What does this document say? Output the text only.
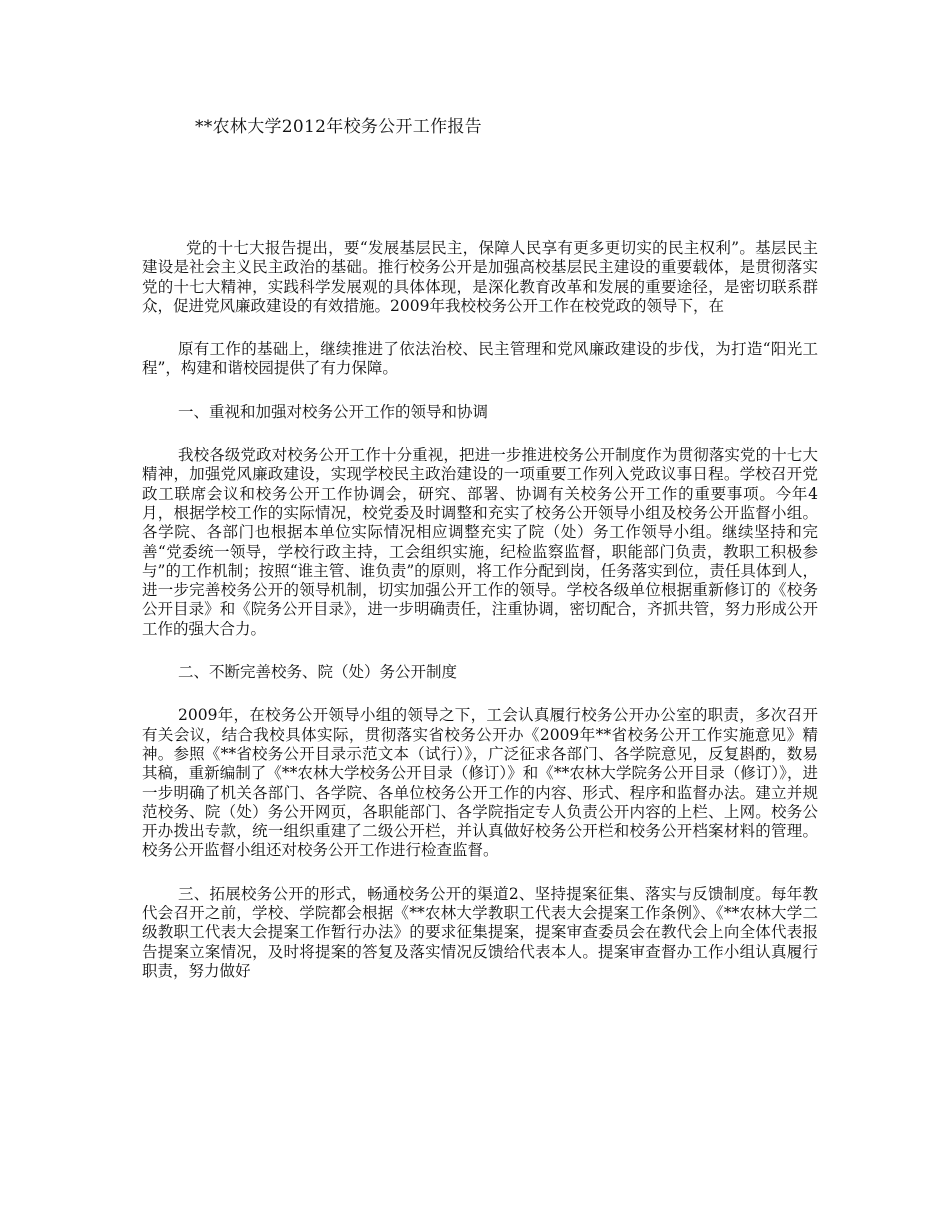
**农林大学2012年校务公开工作报告

党的十七大报告提出，要“发展基层民主，保障人民享有更多更切实的民主权利”。基层民主建设是社会主义民主政治的基础。推行校务公开是加强高校基层民主建设的重要载体，是贯彻落实党的十七大精神，实践科学发展观的具体体现，是深化教育改革和发展的重要途径，是密切联系群众，促进党风廉政建设的有效措施。2009年我校校务公开工作在校党政的领导下，在

原有工作的基础上，继续推进了依法治校、民主管理和党风廉政建设的步伐，为打造“阳光工程”，构建和谐校园提供了有力保障。

一、重视和加强对校务公开工作的领导和协调

我校各级党政对校务公开工作十分重视，把进一步推进校务公开制度作为贯彻落实党的十七大精神，加强党风廉政建设，实现学校民主政治建设的一项重要工作列入党政议事日程。学校召开党政工联席会议和校务公开工作协调会，研究、部署、协调有关校务公开工作的重要事项。今年4月，根据学校工作的实际情况，校党委及时调整和充实了校务公开领导小组及校务公开监督小组。各学院、各部门也根据本单位实际情况相应调整充实了院（处）务工作领导小组。继续坚持和完善“党委统一领导，学校行政主持，工会组织实施，纪检监察监督，职能部门负责，教职工积极参与”的工作机制；按照“谁主管、谁负责”的原则，将工作分配到岗，任务落实到位，责任具体到人，进一步完善校务公开的领导机制，切实加强公开工作的领导。学校各级单位根据重新修订的《校务公开目录》和《院务公开目录》，进一步明确责任，注重协调，密切配合，齐抓共管，努力形成公开工作的强大合力。

二、不断完善校务、院（处）务公开制度

2009年，在校务公开领导小组的领导之下，工会认真履行校务公开办公室的职责，多次召开有关会议，结合我校具体实际，贯彻落实省校务公开办《2009年**省校务公开工作实施意见》精神。参照《**省校务公开目录示范文本（试行）》，广泛征求各部门、各学院意见，反复斟酌，数易其稿，重新编制了《**农林大学校务公开目录（修订）》和《**农林大学院务公开目录（修订）》，进一步明确了机关各部门、各学院、各单位校务公开工作的内容、形式、程序和监督办法。建立并规范校务、院（处）务公开网页，各职能部门、各学院指定专人负责公开内容的上栏、上网。校务公开办拨出专款，统一组织重建了二级公开栏，并认真做好校务公开栏和校务公开档案材料的管理。校务公开监督小组还对校务公开工作进行检查监督。

三、拓展校务公开的形式，畅通校务公开的渠道2、坚持提案征集、落实与反馈制度。每年教代会召开之前，学校、学院都会根据《**农林大学教职工代表大会提案工作条例》、《**农林大学二级教职工代表大会提案工作暂行办法》的要求征集提案，提案审查委员会在教代会上向全体代表报告提案立案情况，及时将提案的答复及落实情况反馈给代表本人。提案审查督办工作小组认真履行职责，努力做好
